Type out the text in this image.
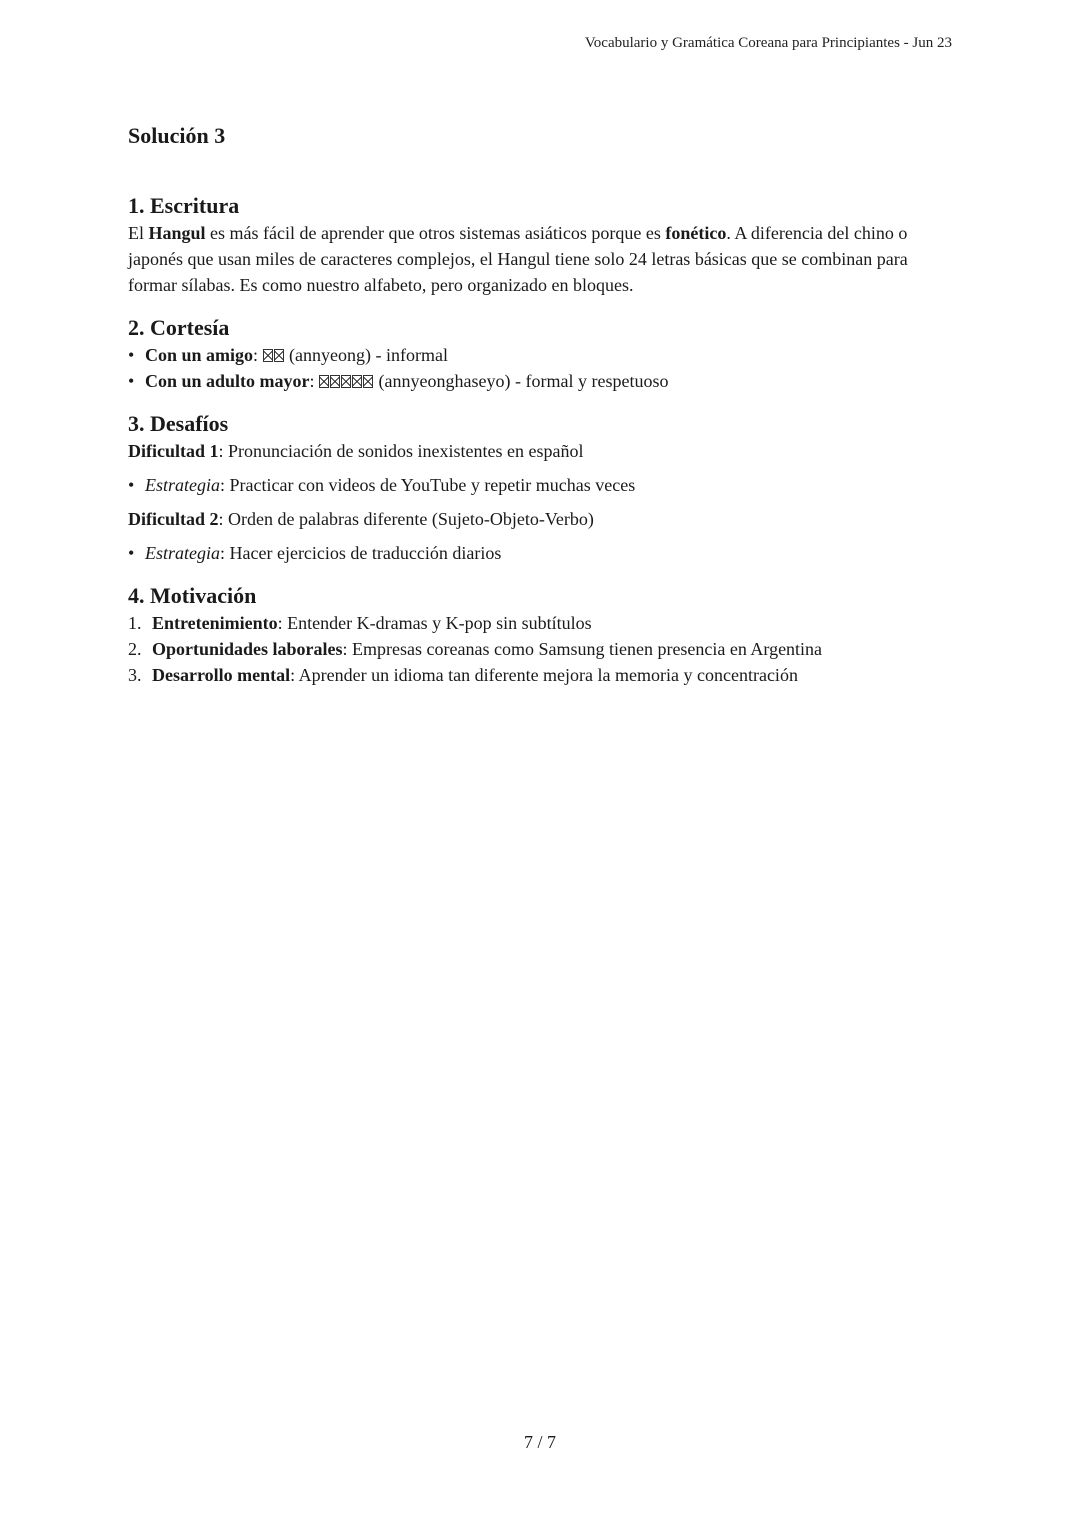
Vocabulario y Gramática Coreana para Principiantes - Jun 23
Solución 3
1. Escritura

El Hangul es más fácil de aprender que otros sistemas asiáticos porque es fonético. A diferencia del chino o japonés que usan miles de caracteres complejos, el Hangul tiene solo 24 letras básicas que se combinan para formar sílabas. Es como nuestro alfabeto, pero organizado en bloques.

2. Cortesía
• Con un amigo:  (annyeong) - informal
• Con un adulto mayor:	(annyeonghaseyo) - formal y respetuoso
3. Desafíos

Dificultad 1: Pronunciación de sonidos inexistentes en español

• Estrategia: Practicar con videos de YouTube y repetir muchas veces

Dificultad 2: Orden de palabras diferente (Sujeto-Objeto-Verbo)

• Estrategia: Hacer ejercicios de traducción diarios
4. Motivación
1. Entretenimiento: Entender K-dramas y K-pop sin subtítulos
2. Oportunidades laborales: Empresas coreanas como Samsung tienen presencia en Argentina
3. Desarrollo mental: Aprender un idioma tan diferente mejora la memoria y concentración
7 / 7
